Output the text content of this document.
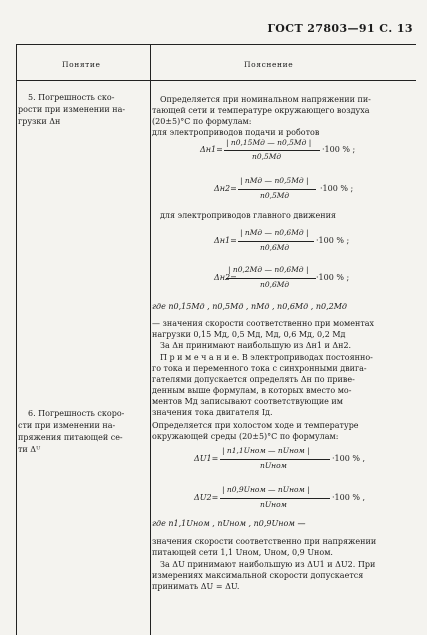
ГОСТ 27803—91 С. 13
Понятие	Пояснение
5. Погрешность ско-
рости при изменении на-
грузки Δн
6. Погрешность скоро-
сти при изменении на-
пряжения питающей се-
ти Δᵁ
Определяется при номинальном напряжении пи-
тающей сети и температуре окружающего воздуха
(20±5)°С по формулам:
для электроприводов подачи и роботов
Δн1=
| n0,15Мд — n0,5Мд |
n0,5Мд
·100 % ;
Δн2=
| nМд — n0,5Мд |
n0,5Мд
·100 % ;
для электроприводов главного движения
Δн1=
| nМд — n0,6Мд |
n0,6Мд
·100 % ;
Δн2=
| n0,2Мд — n0,6Мд |
n0,6Мд
·100 % ;
где n0,15Мд , n0,5Мд , nМд , n0,6Мд , n0,2Мд
— значения скорости соответственно при моментах
нагрузки 0,15 Мд, 0,5 Мд, Мд, 0,6 Мд, 0,2 Мд
За Δн принимают наибольшую из Δн1 и Δн2.
П р и м е ч а н и е. В электроприводах постоянно-
го тока и переменного тока с синхронными двига-
гателями допускается определять Δн по приве-
денным выше формулам, в которых вместо мо-
ментов Мд записывают соответствующие им
значения тока двигателя Iд.
Определяется при холостом ходе и температуре
окружающей среды (20±5)°С по формулам:
ΔU1=
| n1,1Uном — nUном |
nUном
·100 % ,
ΔU2=
| n0,9Uном — nUном |
nUном
·100 % ,
где n1,1Uном , nUном , n0,9Uном —
значения скорости соответственно при напряжении
питающей сети 1,1 Uном, Uном, 0,9 Uном.
За ΔU принимают наибольшую из ΔU1 и ΔU2. При
измерениях максимальной скорости допускается
принимать ΔU = ΔU.
